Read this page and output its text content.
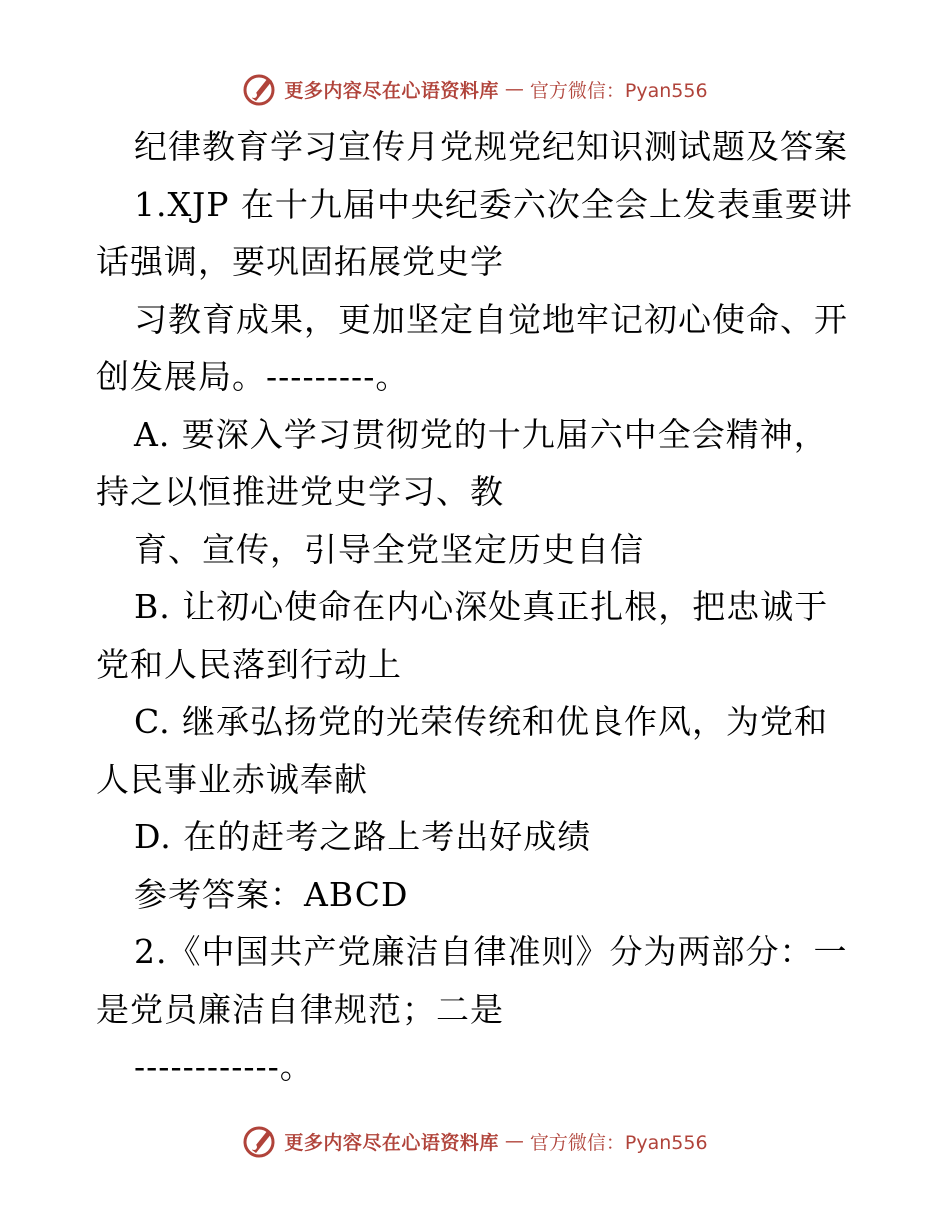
更多内容尽在心语资料库 — 官方微信：Pyan556
纪律教育学习宣传月党规党纪知识测试题及答案
1.XJP 在十九届中央纪委六次全会上发表重要讲
话强调，要巩固拓展党史学
习教育成果，更加坚定自觉地牢记初心使命、开
创发展局。---------。
A. 要深入学习贯彻党的十九届六中全会精神，
持之以恒推进党史学习、教
育、宣传，引导全党坚定历史自信
B. 让初心使命在内心深处真正扎根，把忠诚于
党和人民落到行动上
C. 继承弘扬党的光荣传统和优良作风，为党和
人民事业赤诚奉献
D. 在的赶考之路上考出好成绩
参考答案：ABCD
2.《中国共产党廉洁自律准则》分为两部分：一
是党员廉洁自律规范；二是
------------。
更多内容尽在心语资料库 — 官方微信：Pyan556
